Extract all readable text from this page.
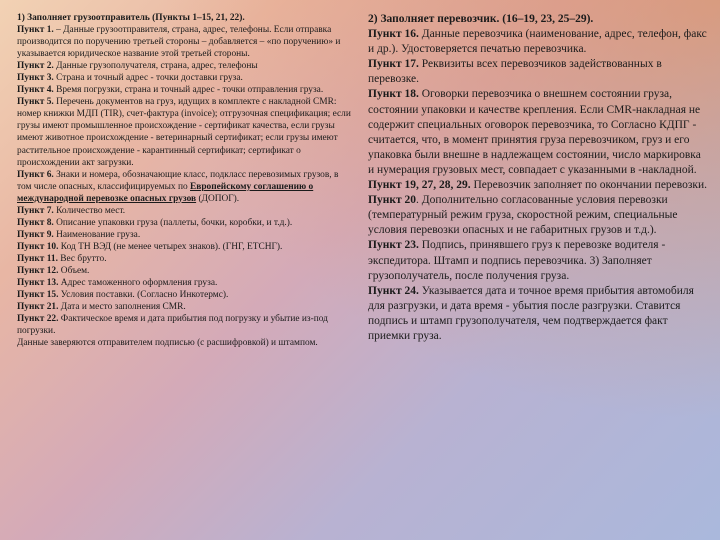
1) Заполняет грузоотправитель (Пункты 1–15, 21, 22).

Пункт 1. – Данные грузоотправителя, страна, адрес, телефоны. Если отправка производится по поручению третьей стороны – добавляется – «по поручению» и указывается юридическое название этой третьей стороны.

Пункт 2. Данные грузополучателя, страна, адрес, телефоны

Пункт 3. Страна и точный адрес - точки доставки груза.

Пункт 4. Время погрузки, страна и точный адрес - точки отправления груза.

Пункт 5. Перечень документов на груз, идущих в комплекте с накладной CMR: номер книжки МДП (TIR), счет-фактура (invoice); отгрузочная спецификация; если грузы имеют промышленное происхождение - сертификат качества, если грузы имеют животное происхождение - ветеринарный сертификат; если грузы имеют растительное происхождение - карантинный сертификат; сертификат о происхождении акт загрузки.

Пункт 6. Знаки и номера, обозначающие класс, подкласс перевозимых грузов, в том числе опасных, классифицируемых по Европейскому соглашению о международной перевозке опасных грузов (ДОПОГ).

Пункт 7. Количество мест.

Пункт 8. Описание упаковки груза (паллеты, бочки, коробки, и т.д.).

Пункт 9. Наименование груза.

Пункт 10. Код ТН ВЭД (не менее четырех знаков). (ГНГ, ЕТСНГ).

Пункт 11. Вес брутто.

Пункт 12. Объем.

Пункт 13. Адрес таможенного оформления груза.

Пункт 15. Условия поставки. (Согласно Инкотермс).

Пункт 21. Дата и место заполнения CMR.

Пункт 22. Фактическое время и дата прибытия под погрузку и убытие из-под погрузки.

Данные заверяются отправителем подписью (с расшифровкой) и штампом.

2) Заполняет перевозчик. (16–19, 23, 25–29).

Пункт 16. Данные перевозчика (наименование, адрес, телефон, факс и др.). Удостоверяется печатью перевозчика.

Пункт 17. Реквизиты всех перевозчиков задействованных в перевозке.

Пункт 18. Оговорки перевозчика о внешнем состоянии груза, состоянии упаковки и качестве крепления. Если CMR-накладная не содержит специальных оговорок перевозчика, то Согласно КДПГ - считается, что, в момент принятия груза перевозчиком, груз и его упаковка были внешне в надлежащем состоянии, число маркировка и нумерация грузовых мест, совпадает с указанными в -накладной.

Пункт 19, 27, 28, 29. Перевозчик заполняет по окончании перевозки.

Пункт 20. Дополнительно согласованные условия перевозки (температурный режим груза, скоростной режим, специальные условия перевозки опасных и не габаритных грузов и т.д.).

Пункт 23. Подпись, принявшего груз к перевозке водителя - экспедитора. Штамп и подпись перевозчика. 3) Заполняет грузополучатель, после получения груза.

Пункт 24. Указывается дата и точное время прибытия автомобиля для разгрузки, и дата время - убытия после разгрузки. Ставится подпись и штамп грузополучателя, чем подтверждается факт приемки груза.
